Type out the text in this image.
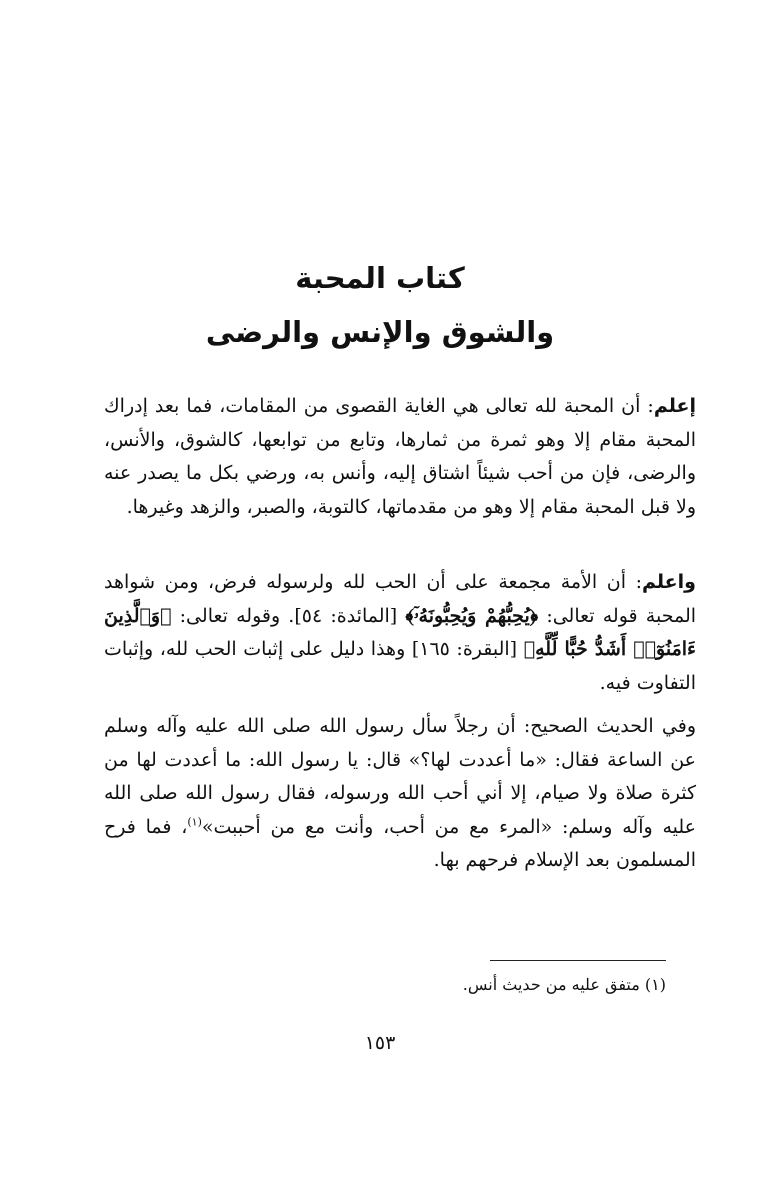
كتاب المحبة
والشوق والإنس والرضى

إعلم: أن المحبة لله تعالى هي الغاية القصوى من المقامات، فما بعد إدراك المحبة مقام إلا وهو ثمرة من ثمارها، وتابع من توابعها، كالشوق، والأنس، والرضى، فإن من أحب شيئاً اشتاق إليه، وأنس به، ورضي بكل ما يصدر عنه ولا قبل المحبة مقام إلا وهو من مقدماتها، كالتوبة، والصبر، والزهد وغيرها.

واعلم: أن الأمة مجمعة على أن الحب لله ولرسوله فرض، ومن شواهد المحبة قوله تعالى: ﴿يُحِبُّهُمْ وَيُحِبُّونَهُۥٓ﴾ [المائدة: ٥٤]. وقوله تعالى: ﴿وَٱلَّذِينَ ءَامَنُوٓا۟ أَشَدُّ حُبًّا لِّلَّهِ﴾ [البقرة: ١٦٥] وهذا دليل على إثبات الحب لله، وإثبات التفاوت فيه.

وفي الحديث الصحيح: أن رجلاً سأل رسول الله صلى الله عليه وآله وسلم عن الساعة فقال: «ما أعددت لها؟» قال: يا رسول الله: ما أعددت لها من كثرة صلاة ولا صيام، إلا أني أحب الله ورسوله، فقال رسول الله صلى الله عليه وآله وسلم: «المرء مع من أحب، وأنت مع من أحببت»$^{(١)}$، فما فرح المسلمون بعد الإسلام فرحهم بها.

(١) متفق عليه من حديث أنس.
١٥٣
